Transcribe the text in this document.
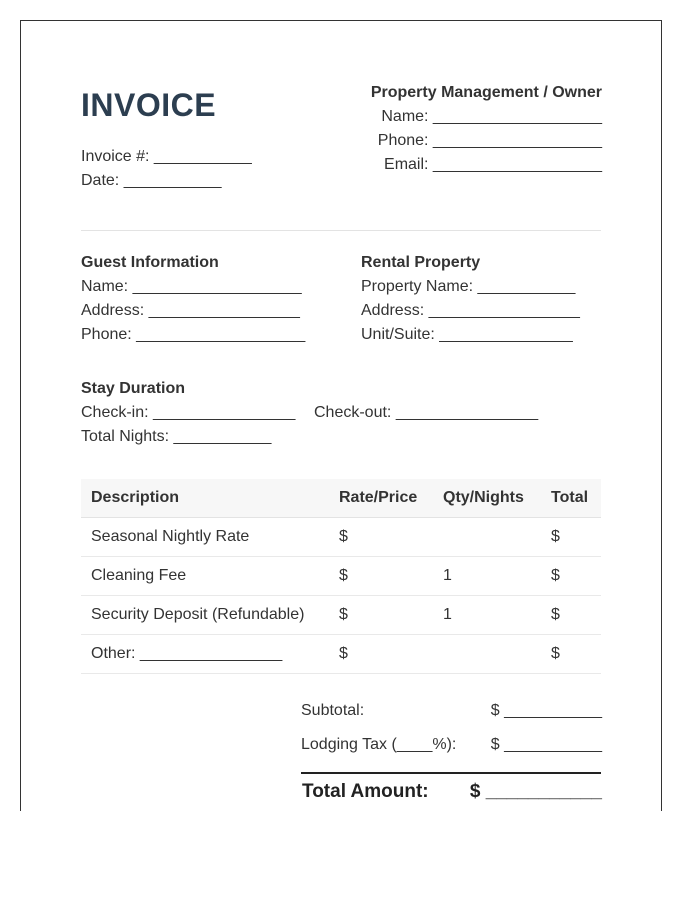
INVOICE
Invoice #: ___________
Date: ___________
Property Management / Owner
Name: ___________________
Phone: ___________________
Email: ___________________
Guest Information
Name: ___________________
Address: _________________
Phone: ___________________
Rental Property
Property Name: ___________
Address: _________________
Unit/Suite: _______________
Stay Duration
Check-in: ________________ Check-out: ________________
Total Nights: ___________
Description	Rate/Price	Qty/Nights	Total
Seasonal Nightly Rate	$		$
Cleaning Fee	$	1	$
Security Deposit (Refundable)	$	1	$
Other: ________________	$		$
Subtotal:	$ ___________
Lodging Tax (____%): $ ___________
Total Amount: $ ___________
